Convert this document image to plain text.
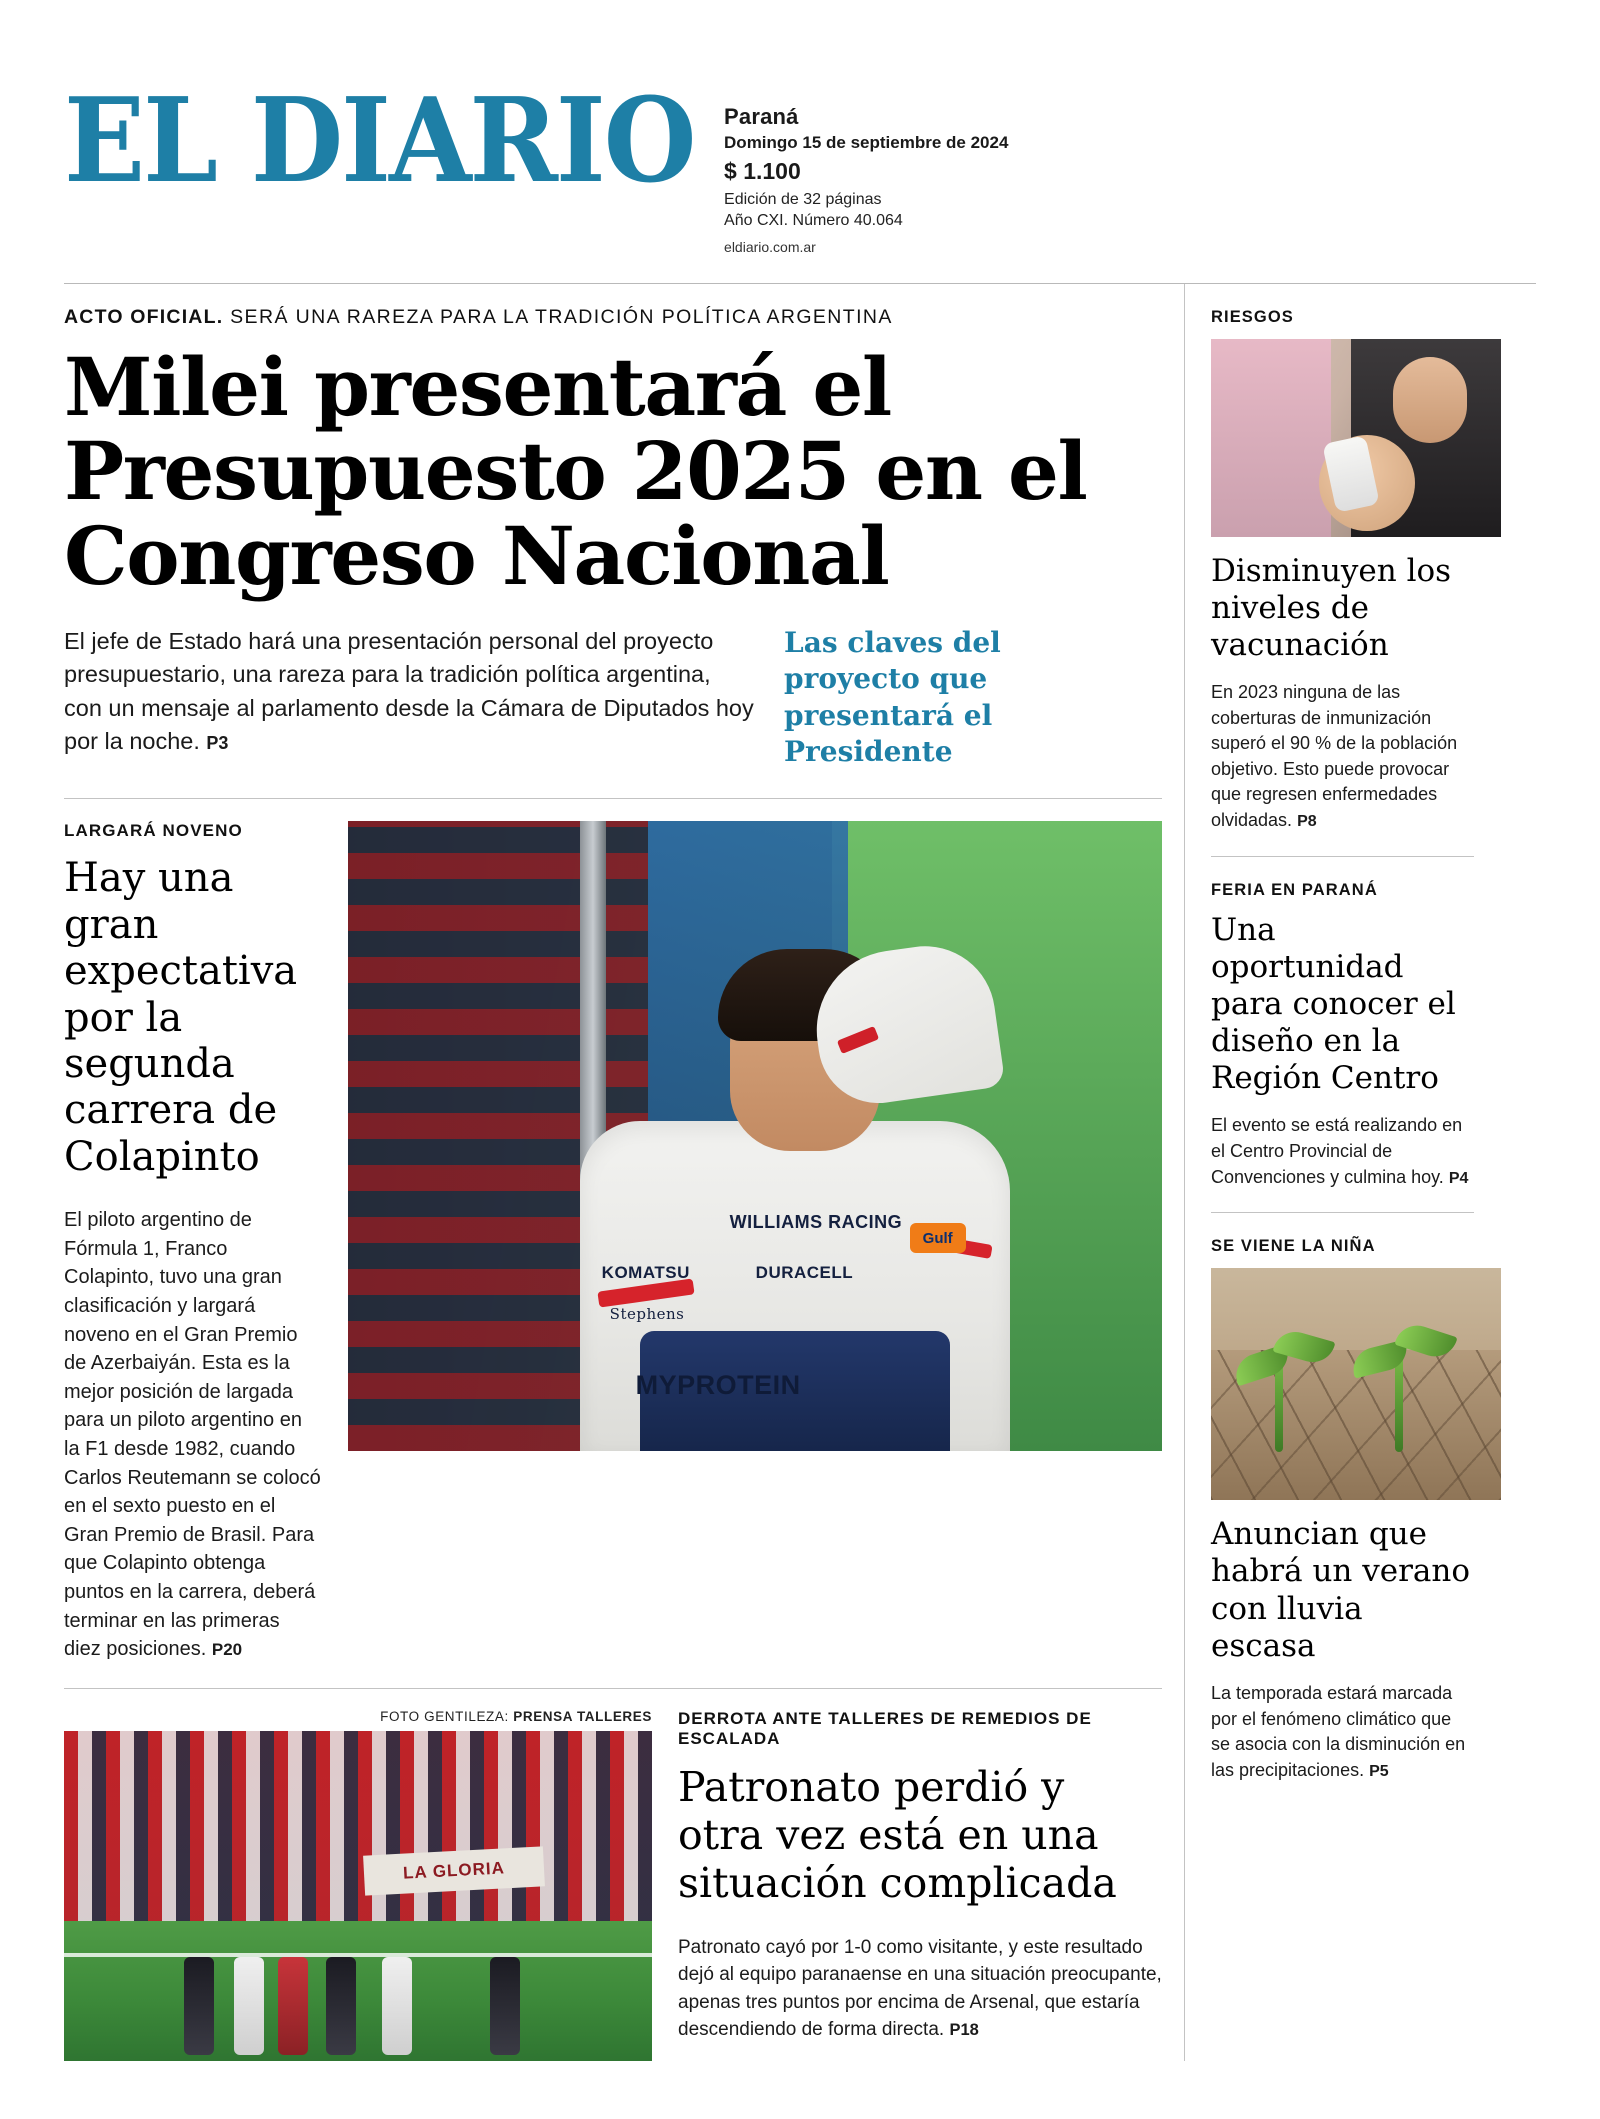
EL DIARIO Paraná
Domingo 15 de septiembre de 2024
$ 1.100
Edición de 32 páginas
Año CXI. Número 40.064
eldiario.com.ar
ACTO OFICIAL. SERÁ UNA RAREZA PARA LA TRADICIÓN POLÍTICA ARGENTINA
Milei presentará el Presupuesto 2025 en el Congreso Nacional
El jefe de Estado hará una presentación personal del proyecto presupuestario, una rareza para la tradición política argentina, con un mensaje al parlamento desde la Cámara de Diputados hoy por la noche. P3
Las claves del proyecto que presentará el Presidente
LARGARÁ NOVENO
Hay una gran expectativa por la segunda carrera de Colapinto
El piloto argentino de Fórmula 1, Franco Colapinto, tuvo una gran clasificación y largará noveno en el Gran Premio de Azerbaiyán. Esta es la mejor posición de largada para un piloto argentino en la F1 desde 1982, cuando Carlos Reutemann se colocó en el sexto puesto en el Gran Premio de Brasil. Para que Colapinto obtenga puntos en la carrera, deberá terminar en las primeras diez posiciones. P20
WILLIAMS RACING
KOMATSU	DURACELL
Stephens
MYPROTEIN
Gulf
FOTO GENTILEZA: PRENSA TALLERES
LA GLORIA
DERROTA ANTE TALLERES DE REMEDIOS DE ESCALADA
Patronato perdió y otra vez está en una situación complicada
Patronato cayó por 1-0 como visitante, y este resultado dejó al equipo paranaense en una situación preocupante, apenas tres puntos por encima de Arsenal, que estaría descendiendo de forma directa. P18
RIESGOS
Disminuyen los niveles de vacunación
En 2023 ninguna de las coberturas de inmunización superó el 90 % de la población objetivo. Esto puede provocar que regresen enfermedades olvidadas. P8
FERIA EN PARANÁ
Una oportunidad para conocer el diseño en la Región Centro
El evento se está realizando en el Centro Provincial de Convenciones y culmina hoy. P4
SE VIENE LA NIÑA
Anuncian que habrá un verano con lluvia escasa
La temporada estará marcada por el fenómeno climático que se asocia con la disminución en las precipitaciones. P5
